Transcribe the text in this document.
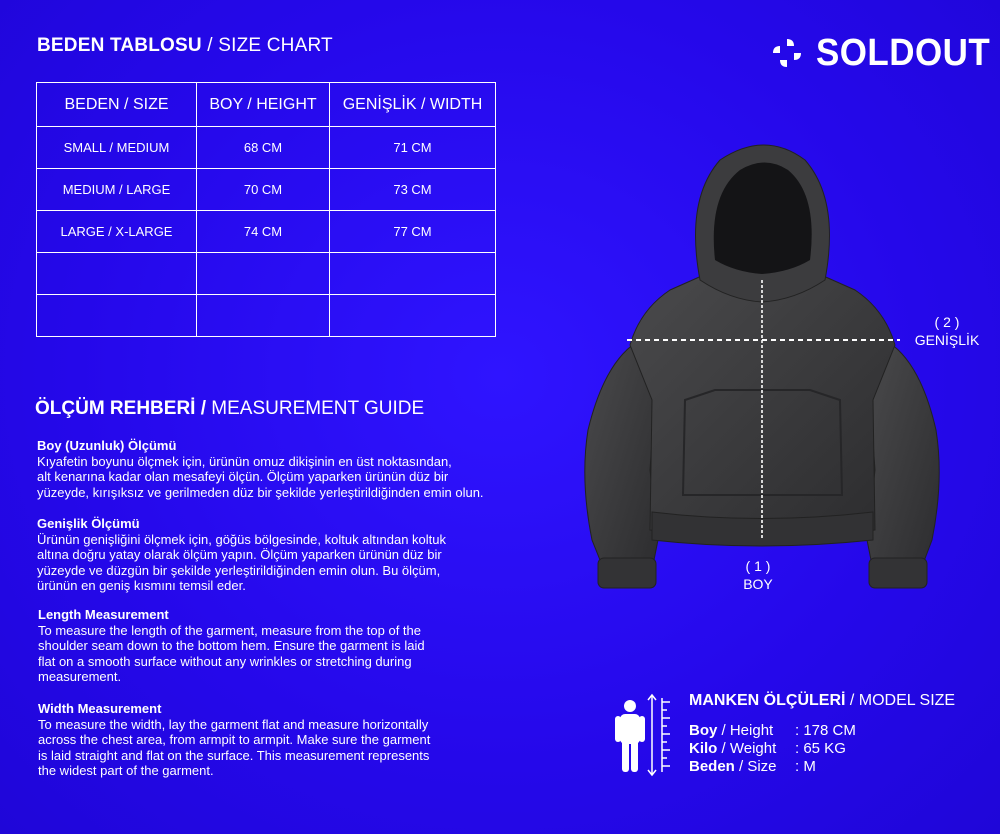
BEDEN TABLOSU / SIZE CHART	SOLDOUT
BEDEN / SIZE	BOY / HEIGHT	GENİŞLİK / WIDTH
SMALL / MEDIUM	68 CM	71 CM
MEDIUM / LARGE	70 CM	73 CM
LARGE / X-LARGE	74 CM	77 CM

ÖLÇÜM REHBERİ / MEASUREMENT GUIDE
Boy (Uzunluk) Ölçümü
Kıyafetin boyunu ölçmek için, ürünün omuz dikişinin en üst noktasından,
alt kenarına kadar olan mesafeyi ölçün. Ölçüm yaparken ürünün düz bir
yüzeyde, kırışıksız ve gerilmeden düz bir şekilde yerleştirildiğinden emin olun.
Genişlik Ölçümü
Ürünün genişliğini ölçmek için, göğüs bölgesinde, koltuk altından koltuk
altına doğru yatay olarak ölçüm yapın. Ölçüm yaparken ürünün düz bir
yüzeyde ve düzgün bir şekilde yerleştirildiğinden emin olun. Bu ölçüm,
ürünün en geniş kısmını temsil eder.
Length Measurement
To measure the length of the garment, measure from the top of the
shoulder seam down to the bottom hem. Ensure the garment is laid
flat on a smooth surface without any wrinkles or stretching during
measurement.
Width Measurement
To measure the width, lay the garment flat and measure horizontally
across the chest area, from armpit to armpit. Make sure the garment
is laid straight and flat on the surface. This measurement represents
the widest part of the garment.
( 2 )
GENİŞLİK
( 1 )
BOY
MANKEN ÖLÇÜLERİ / MODEL SIZE
Boy / Height	: 178 CM
Kilo / Weight	: 65 KG
Beden / Size	: M
